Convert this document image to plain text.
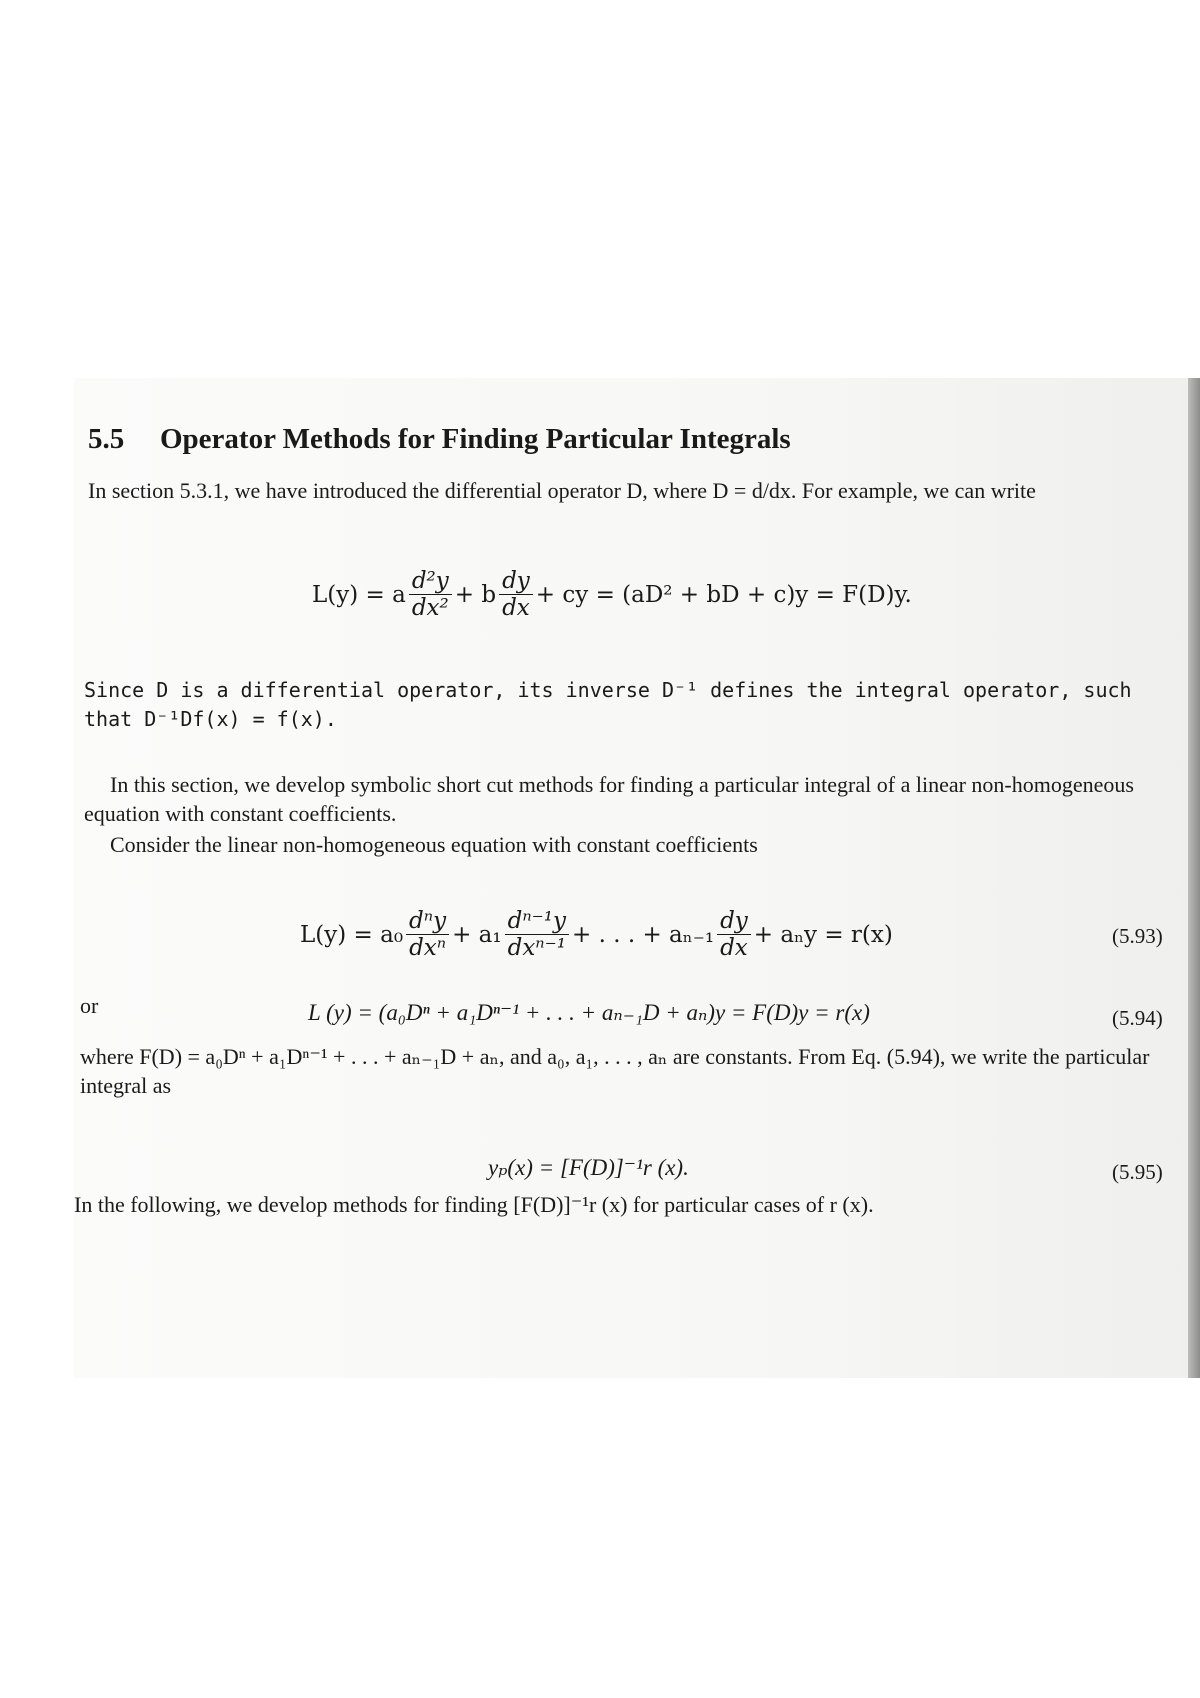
5.5 Operator Methods for Finding Particular Integrals
In section 5.3.1, we have introduced the differential operator D, where D = d/dx. For example, we can write
L(y) = a $\frac{\text{d²y}}{\text{dx²}} + b \frac{dy}{dx}$ + cy = (aD² + bD + c)y = F(D)y.
Since D is a differential operator, its inverse D⁻¹ defines the integral operator, such that D⁻¹Df(x) = f(x).
In this section, we develop symbolic short cut methods for finding a particular integral of a linear non-homogeneous equation with constant coefficients.
Consider the linear non-homogeneous equation with constant coefficients
$L(y) = a_0 \frac{\text{dⁿy}}{\text{dxⁿ}} + a_1 \frac{\text{dⁿ⁻¹y}}{\text{dxⁿ⁻¹}}$ + . . . + $a_{n-1} \frac{dy}{dx} + a_ny = r(x)$	(5.93)
or	L (y) = (a₀Dⁿ + a₁Dⁿ⁻¹ + . . . + aₙ₋₁D + aₙ)y = F(D)y = r(x)	(5.94)
where F(D) = a₀Dⁿ + a₁Dⁿ⁻¹ + . . . + aₙ₋₁D + aₙ, and a₀, a₁, . . . , aₙ are constants. From Eq. (5.94), we write the particular integral as
yₚ(x) = [F(D)]⁻¹r (x).	(5.95)
In the following, we develop methods for finding [F(D)]⁻¹r (x) for particular cases of r (x).
